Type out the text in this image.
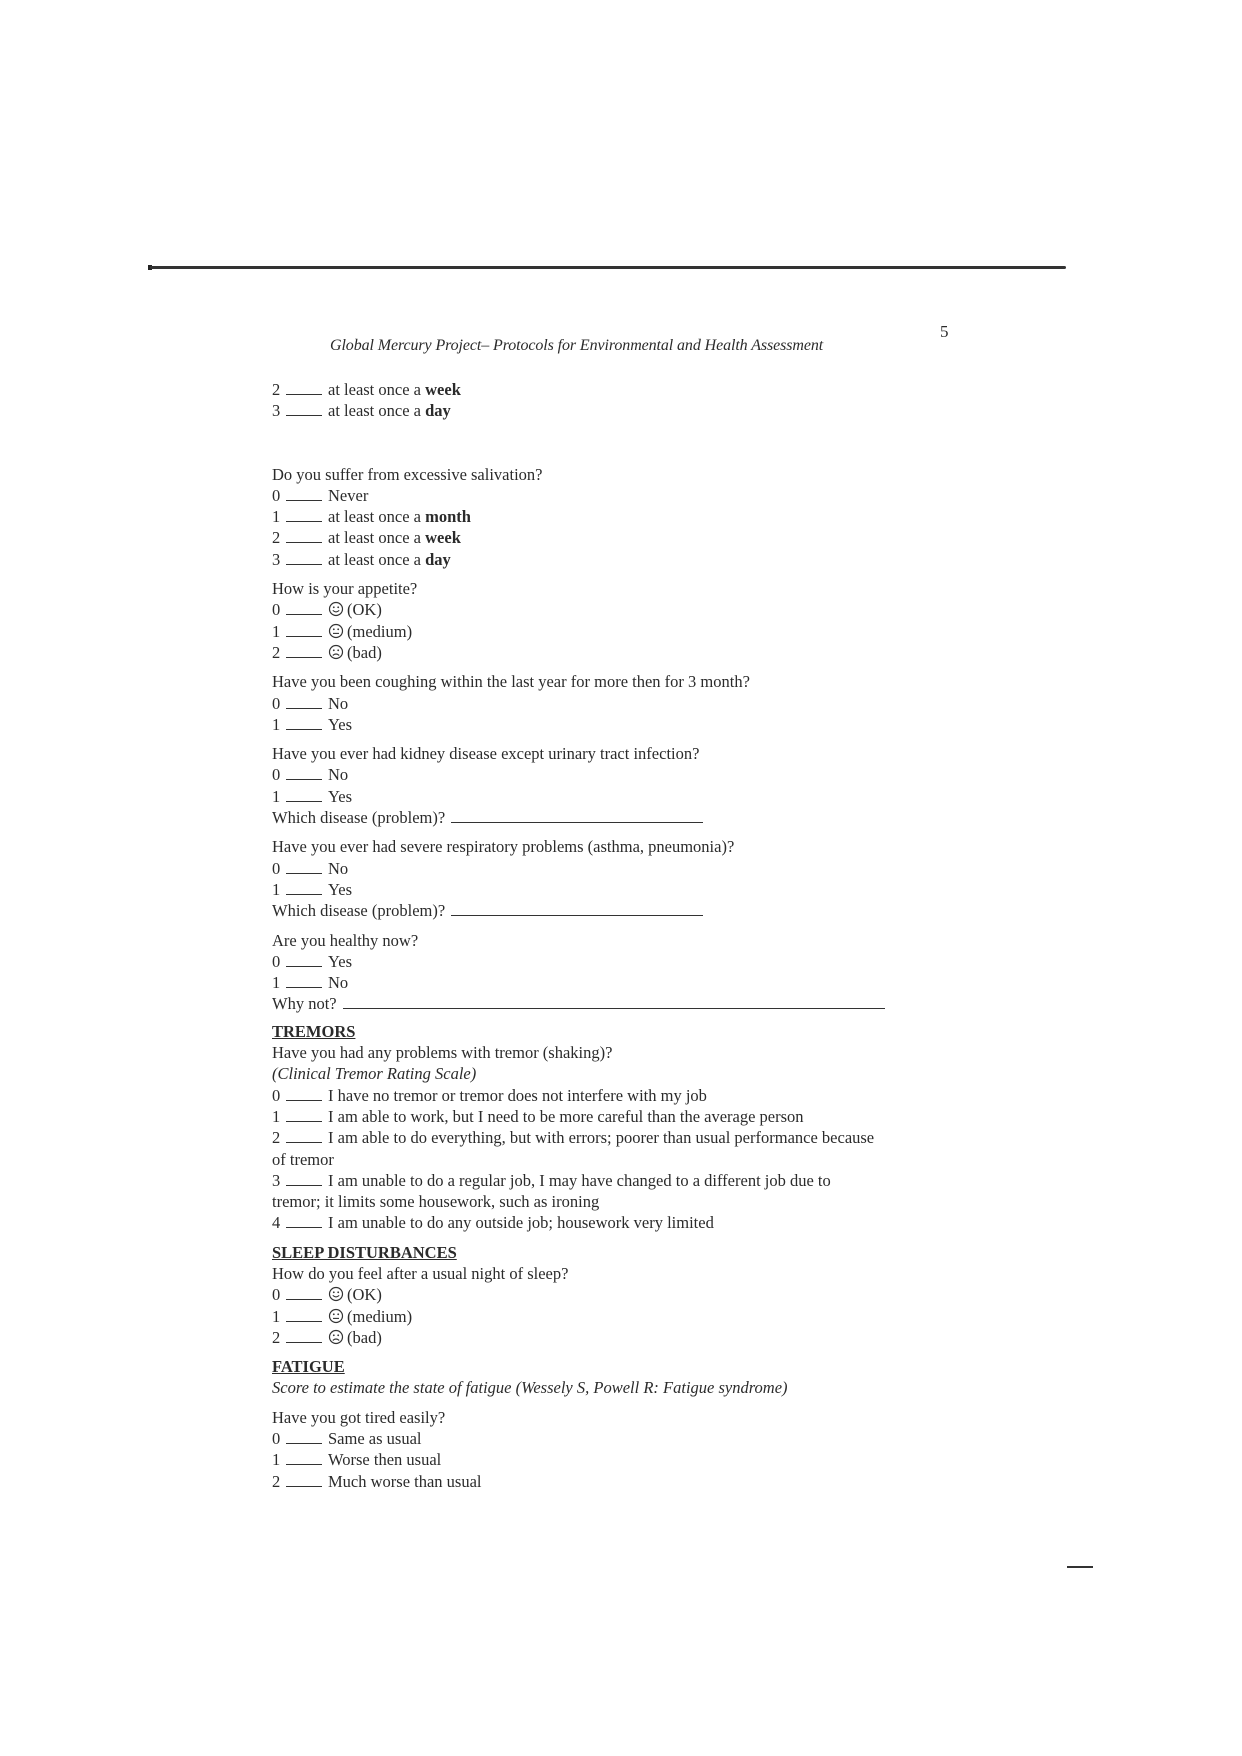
5
Global Mercury Project– Protocols for Environmental and Health Assessment
2	at least once a week
3	at least once a day

Do you suffer from excessive salivation?

0	Never
1	at least once a month
2	at least once a week
3	at least once a day

How is your appetite?

0	(OK)
1	(medium)
2	(bad)

Have you been coughing within the last year for more then for 3 month?

0	No
1	Yes

Have you ever had kidney disease except urinary tract infection?

0	No
1	Yes
Which disease (problem)?

Have you ever had severe respiratory problems (asthma, pneumonia)?

0	No
1	Yes
Which disease (problem)?

Are you healthy now?

0	Yes
1	No
Why not?

TREMORS

Have you had any problems with tremor (shaking)?

(Clinical Tremor Rating Scale)

0	I have no tremor or tremor does not interfere with my job
1	I am able to work, but I need to be more careful than the average person
2	I am able to do everything, but with errors; poorer than usual performance because
of tremor
3	I am unable to do a regular job, I may have changed to a different job due to
tremor; it limits some housework, such as ironing
4	I am unable to do any outside job; housework very limited

SLEEP DISTURBANCES

How do you feel after a usual night of sleep?

0	(OK)
1	(medium)
2	(bad)

FATIGUE

Score to estimate the state of fatigue (Wessely S, Powell R: Fatigue syndrome)

Have you got tired easily?

0	Same as usual
1	Worse then usual
2	Much worse than usual
